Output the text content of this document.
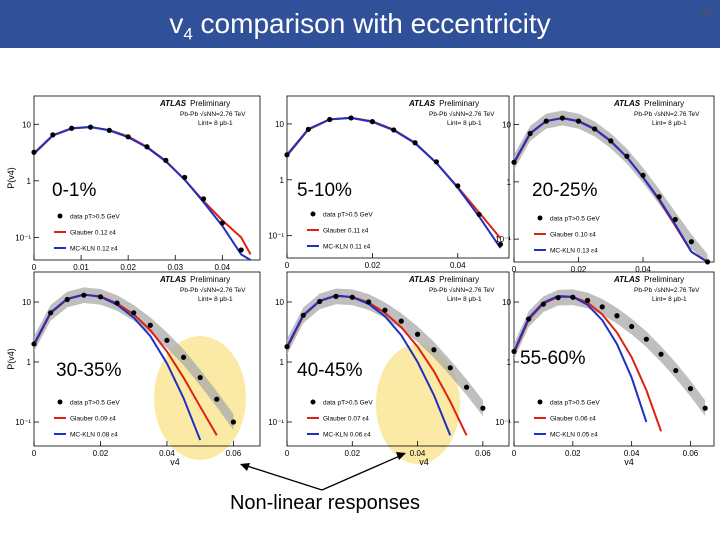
$v_4$ comparison with eccentricity	34
0	0.01	0.02	0.03	0.04
10
1
10⁻¹
P(v4)
ATLAS Preliminary
Pb-Pb √sNN=2.76 TeV
Lint= 8 μb-1
data pT>0.5 GeV
Glauber 0.12 ε4
MC-KLN 0.12 ε4
0-1%
0	0.02	0.04
10
1
10⁻¹
ATLAS Preliminary
Pb-Pb √sNN=2.76 TeV
Lint= 8 μb-1
data pT>0.5 GeV
Glauber 0.11 ε4
MC-KLN 0.11 ε4
5-10%
0	0.02	0.04
10
1
10⁻¹
ATLAS Preliminary
Pb-Pb √sNN=2.76 TeV
Lint= 8 μb-1
data pT>0.5 GeV
Glauber 0.10 ε4
MC-KLN 0.13 ε4
20-25%
0	0.02	0.04	0.06
10
1
10⁻¹
P(v4)
v4
ATLAS Preliminary
Pb-Pb √sNN=2.76 TeV
Lint= 8 μb-1
data pT>0.5 GeV
Glauber 0.09 ε4
MC-KLN 0.08 ε4
30-35%
0	0.02	0.04	0.06
10
1
10⁻¹
v4
ATLAS Preliminary
Pb-Pb √sNN=2.76 TeV
Lint= 8 μb-1
data pT>0.5 GeV
Glauber 0.07 ε4
MC-KLN 0.06 ε4
40-45%
0	0.02	0.04	0.06
10
1
10⁻¹
v4
ATLAS Preliminary
Pb-Pb √sNN=2.76 TeV
Lint= 8 μb-1
data pT>0.5 GeV
Glauber 0.06 ε4
MC-KLN 0.05 ε4
55-60%
Non-linear responses
